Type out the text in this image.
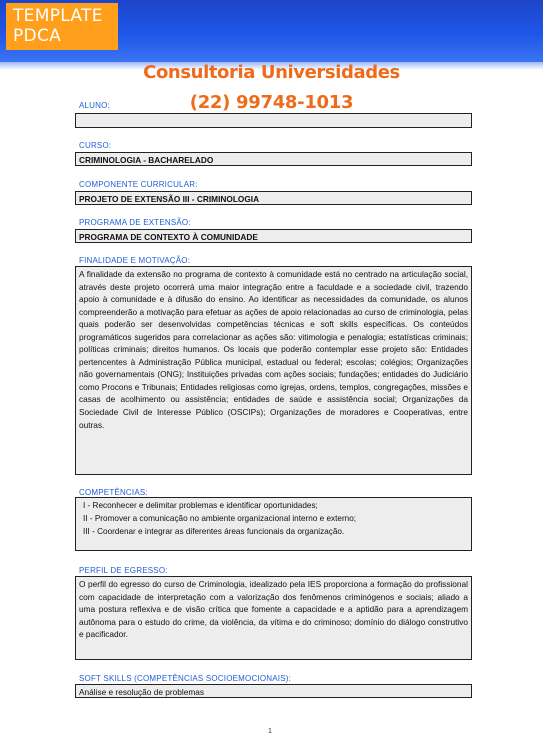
TEMPLATE
PDCA
Consultoria Universidades
(22) 99748-1013
ALUNO:
CURSO:
CRIMINOLOGIA - BACHARELADO
COMPONENTE CURRICULAR:
PROJETO DE EXTENSÃO III - CRIMINOLOGIA
PROGRAMA DE EXTENSÃO:
PROGRAMA DE CONTEXTO À COMUNIDADE
FINALIDADE E MOTIVAÇÃO:
A finalidade da extensão no programa de contexto à comunidade está no centrado na articulação social, através deste projeto ocorrerá uma maior integração entre a faculdade e a sociedade civil, trazendo apoio à comunidade e à difusão do ensino. Ao identificar as necessidades da comunidade, os alunos compreenderão a motivação para efetuar as ações de apoio relacionadas ao curso de criminologia, pelas quais poderão ser desenvolvidas competências técnicas e soft skills específicas. Os conteúdos programáticos sugeridos para correlacionar as ações são: vitimologia e penalogia; estatísticas criminais; políticas criminais; direitos humanos. Os locais que poderão contemplar esse projeto são: Entidades pertencentes à Administração Pública municipal, estadual ou federal; escolas; colégios; Organizações não governamentais (ONG); Instituições privadas com ações sociais; fundações; entidades do Judiciário como Procons e Tribunais; Entidades religiosas como igrejas, ordens, templos, congregações, missões e casas de acolhimento ou assistência; entidades de saúde e assistência social; Organizações da Sociedade Civil de Interesse Público (OSCIPs); Organizações de moradores e Cooperativas, entre outras.
COMPETÊNCIAS:
I - Reconhecer e delimitar problemas e identificar oportunidades;
II - Promover a comunicação no ambiente organizacional interno e externo;
III - Coordenar e integrar as diferentes áreas funcionais da organização.
PERFIL DE EGRESSO:
O perfil do egresso do curso de Criminologia, idealizado pela IES proporciona a formação do profissional com capacidade de interpretação com a valorização dos fenômenos criminógenos e sociais; aliado a uma postura reflexiva e de visão crítica que fomente a capacidade e a aptidão para a aprendizagem autônoma para o estudo do crime, da violência, da vítima e do criminoso; domínio do diálogo construtivo e pacificador.
SOFT SKILLS (COMPETÊNCIAS SOCIOEMOCIONAIS):
Análise e resolução de problemas
1
